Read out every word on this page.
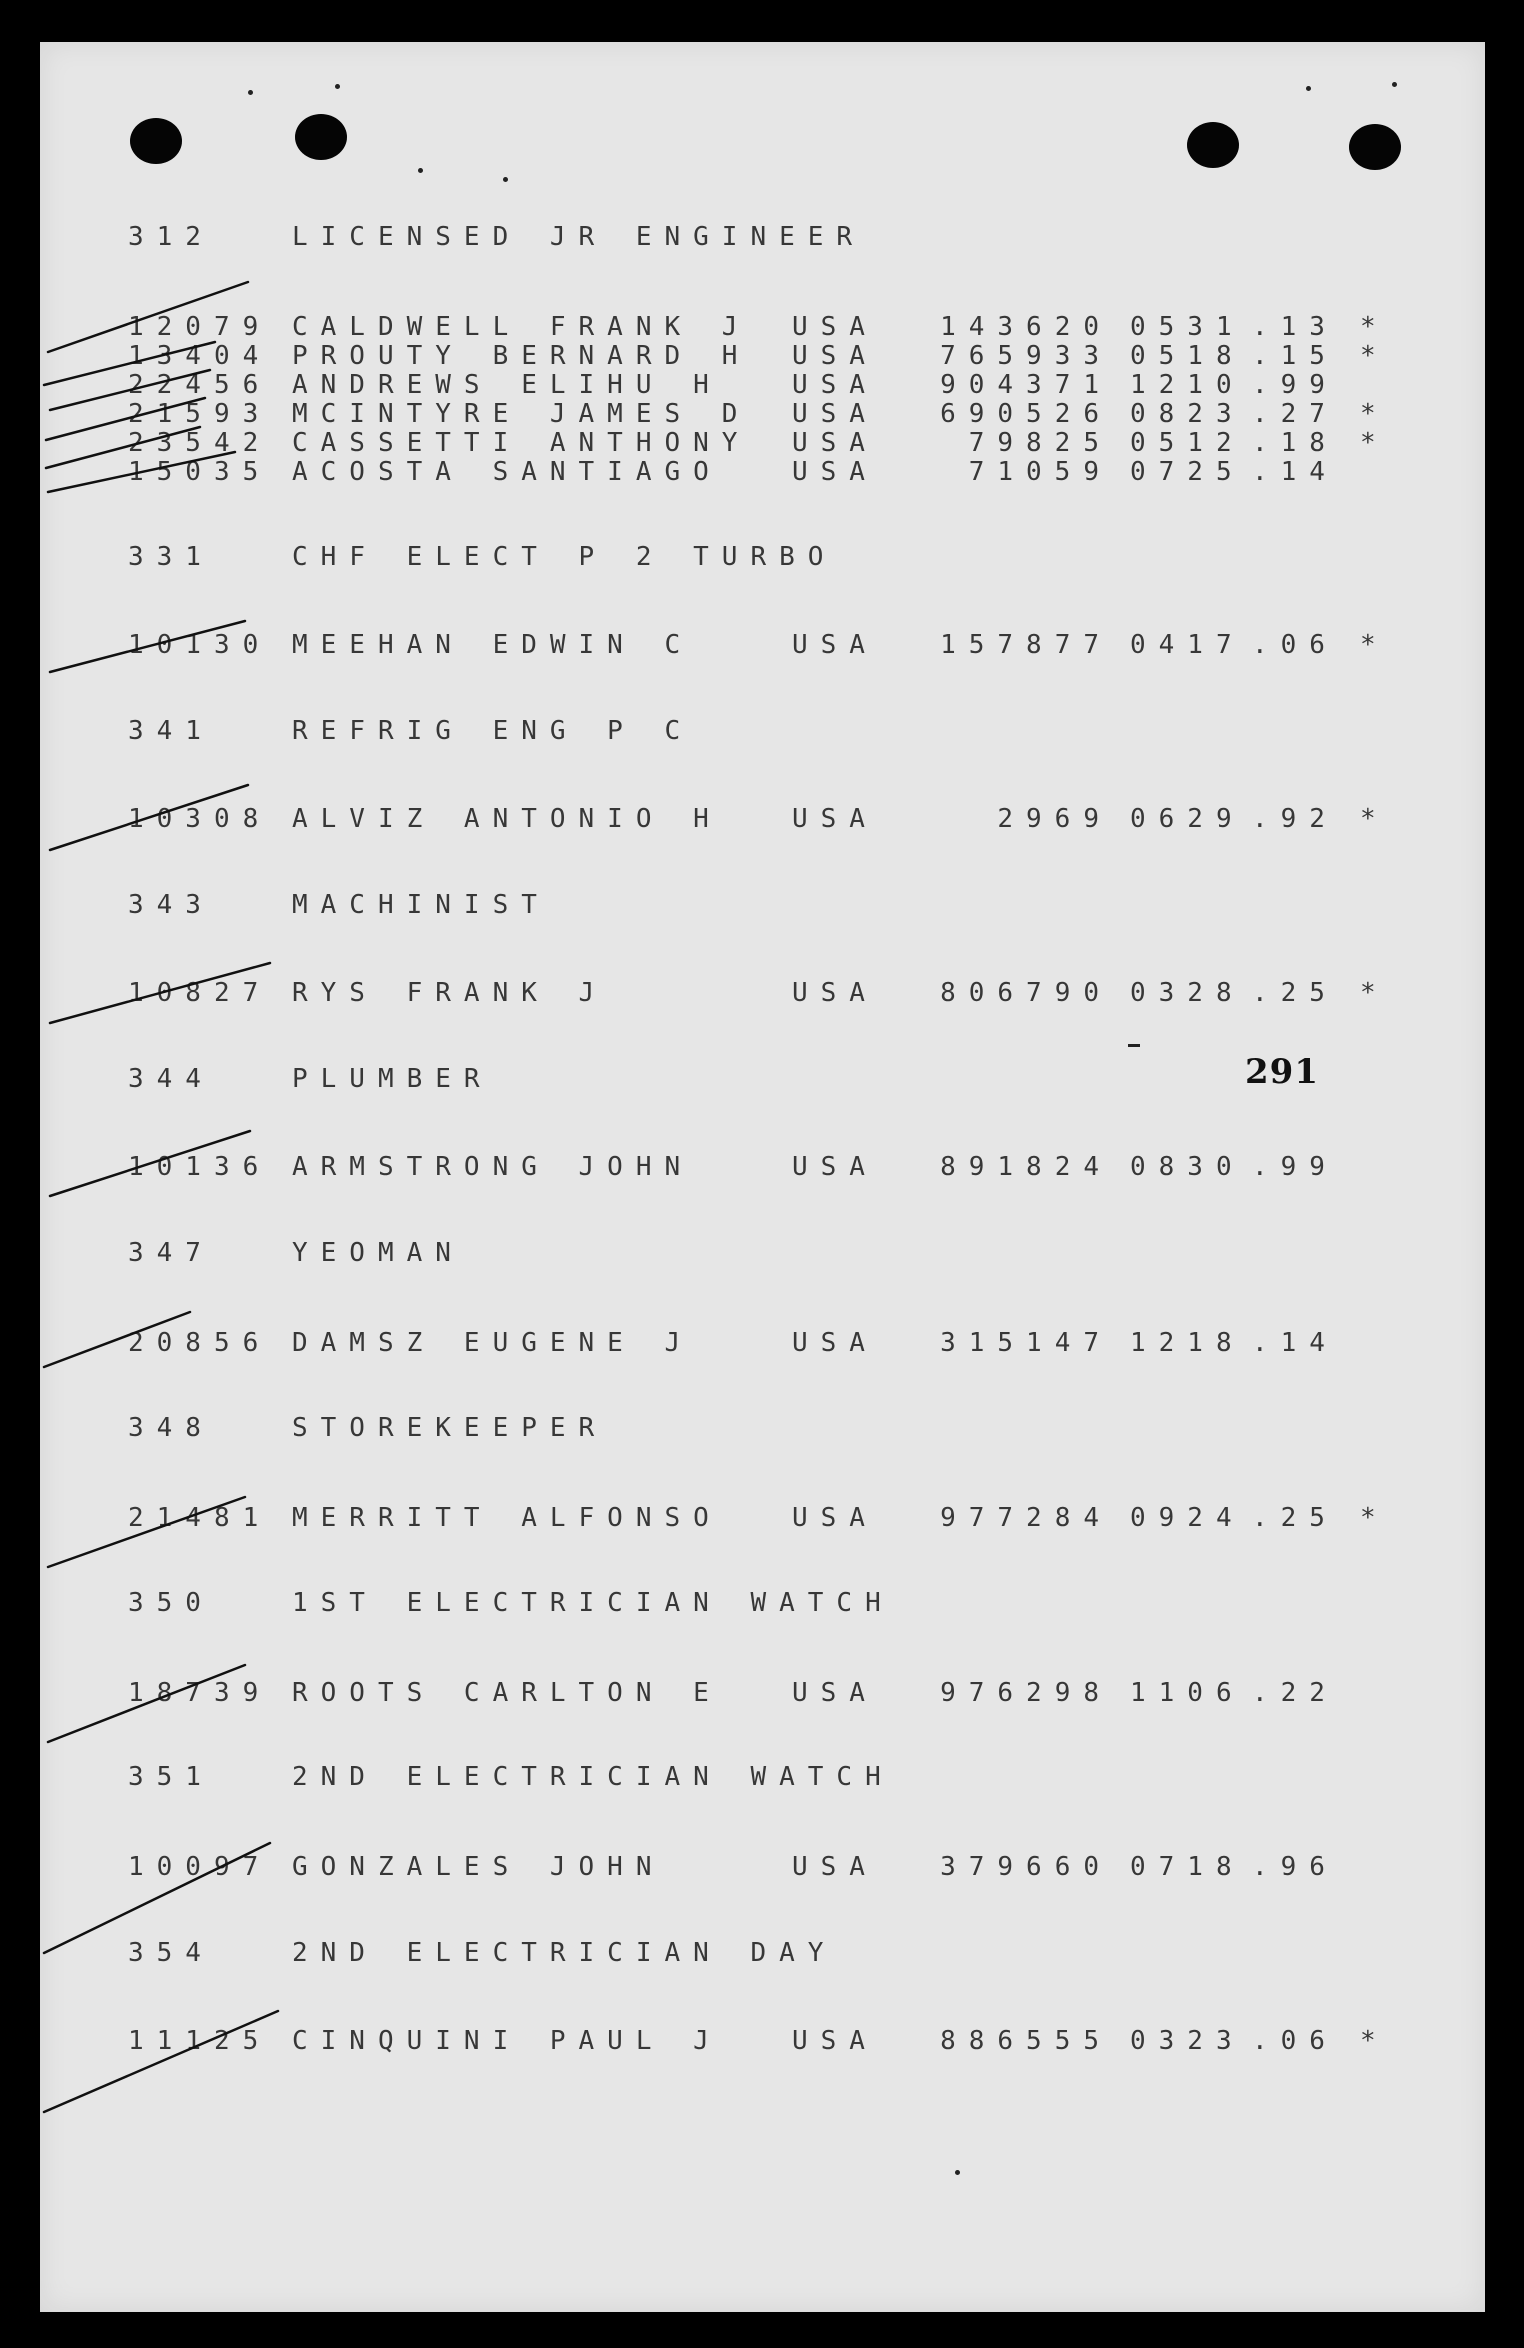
312	LICENSED JR ENGINEER
12079 CALDWELL FRANK J USA 143620 0531 .13 *
13404 PROUTY BERNARD H USA 765933 0518 .15 *
22456 ANDREWS ELIHU H	USA 904371 1210 .99
21593 MCINTYRE JAMES D USA 690526 0823 .27 *
23542 CASSETTI ANTHONY USA	79825 0512 .18 *
15035 ACOSTA SANTIAGO	USA	71059 0725 .14
331	CHF ELECT P 2 TURBO
10130 MEEHAN EDWIN C	USA 157877 0417 .06 *
341	REFRIG ENG P C
10308 ALVIZ ANTONIO H	USA	2969 0629 .92 *
343	MACHINIST
10827 RYS FRANK J	USA 806790 0328 .25 *
344	PLUMBER
10136 ARMSTRONG JOHN	USA 891824 0830 .99
347	YEOMAN
20856 DAMSZ EUGENE J	USA 315147 1218 .14
348	STOREKEEPER
21481 MERRITT ALFONSO	USA 977284 0924 .25 *
350	1ST ELECTRICIAN WATCH
18739 ROOTS CARLTON E	USA 976298 1106 .22
351	2ND ELECTRICIAN WATCH
10097 GONZALES JOHN	USA 379660 0718 .96
354	2ND ELECTRICIAN DAY
11125 CINQUINI PAUL J	USA 886555 0323 .06 *
291
